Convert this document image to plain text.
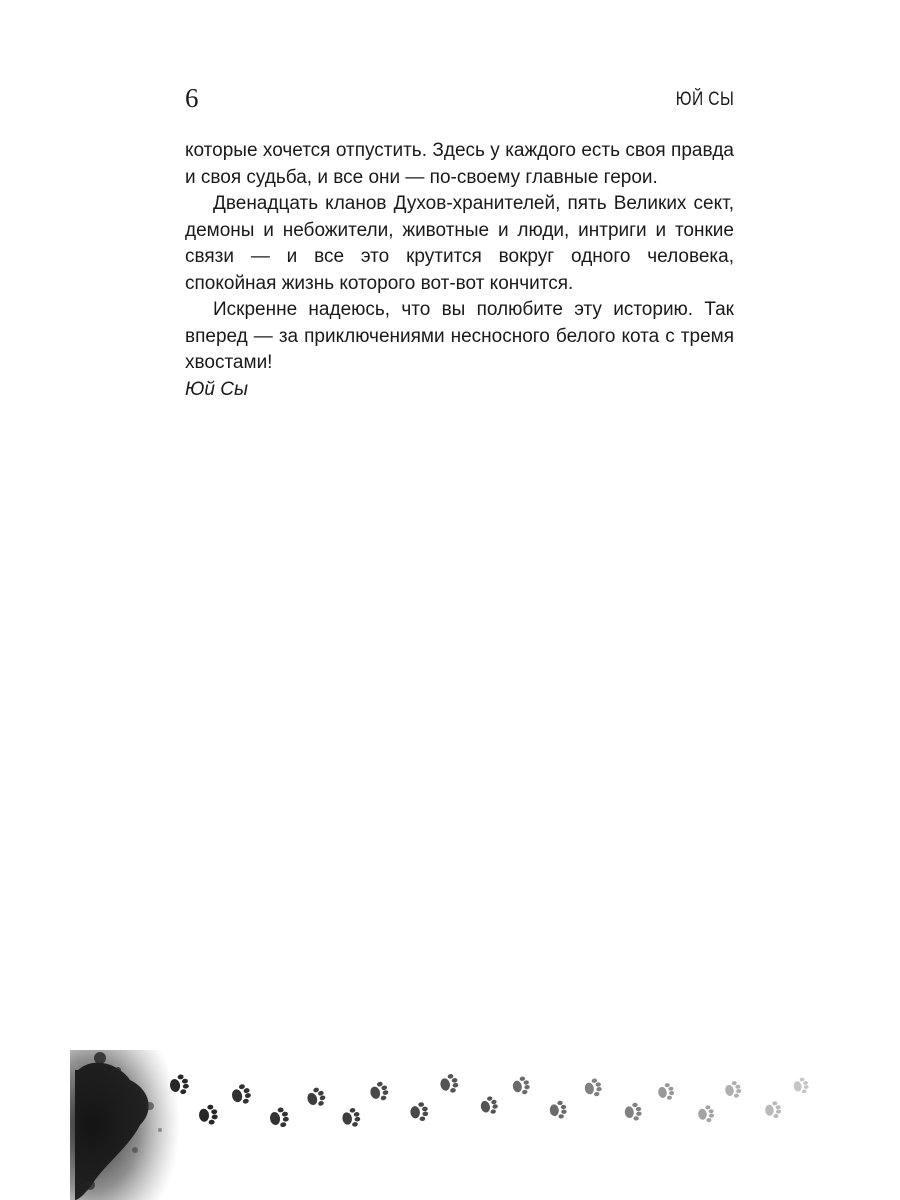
6	ЮЙ СЫ

которые хочется отпустить. Здесь у каждого есть своя правда и своя судьба, и все они — по-своему главные герои.

Двенадцать кланов Духов-хранителей, пять Великих сект, демоны и небожители, животные и люди, интриги и тонкие связи — и все это крутится вокруг одного человека, спокойная жизнь которого вот-вот кончится.

Искренне надеюсь, что вы полюбите эту историю. Так вперед — за приключениями несносного белого кота с тремя хвостами!

Юй Сы
